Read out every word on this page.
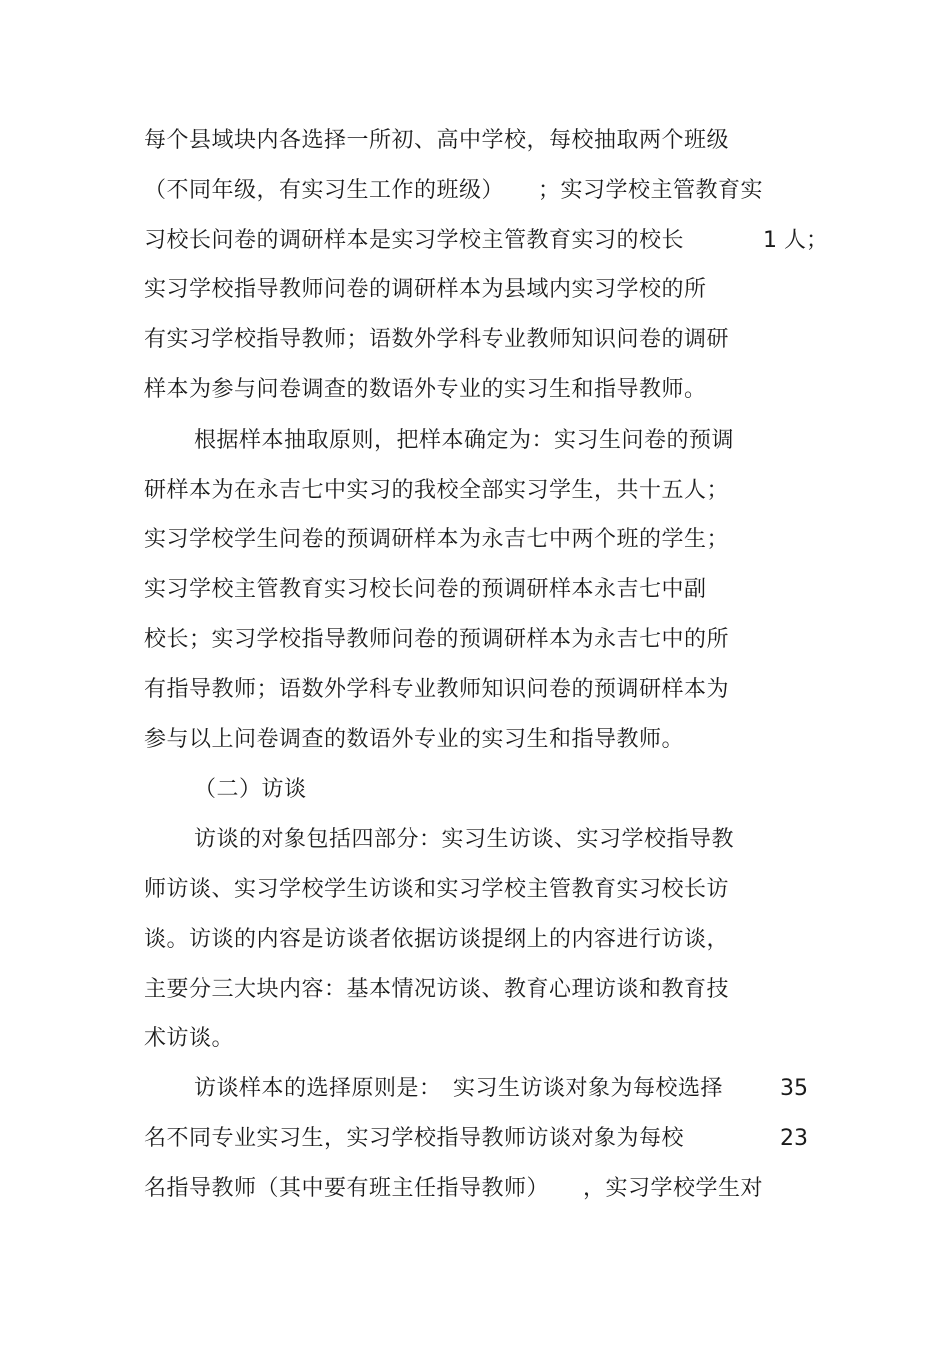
每个县域块内各选择一所初、高中学校，每校抽取两个班级
（不同年级，有实习生工作的班级）　　；实习学校主管教育实
习校长问卷的调研样本是实习学校主管教育实习的校长	1 人；
实习学校指导教师问卷的调研样本为县域内实习学校的所
有实习学校指导教师；语数外学科专业教师知识问卷的调研
样本为参与问卷调查的数语外专业的实习生和指导教师。
根据样本抽取原则，把样本确定为：实习生问卷的预调
研样本为在永吉七中实习的我校全部实习学生，共十五人；
实习学校学生问卷的预调研样本为永吉七中两个班的学生；
实习学校主管教育实习校长问卷的预调研样本永吉七中副
校长；实习学校指导教师问卷的预调研样本为永吉七中的所
有指导教师；语数外学科专业教师知识问卷的预调研样本为
参与以上问卷调查的数语外专业的实习生和指导教师。
（二）访谈
访谈的对象包括四部分：实习生访谈、实习学校指导教
师访谈、实习学校学生访谈和实习学校主管教育实习校长访
谈。访谈的内容是访谈者依据访谈提纲上的内容进行访谈，
主要分三大块内容：基本情况访谈、教育心理访谈和教育技
术访谈。
访谈样本的选择原则是：　实习生访谈对象为每校选择	35
名不同专业实习生，实习学校指导教师访谈对象为每校	23
名指导教师（其中要有班主任指导教师）　　，实习学校学生对
